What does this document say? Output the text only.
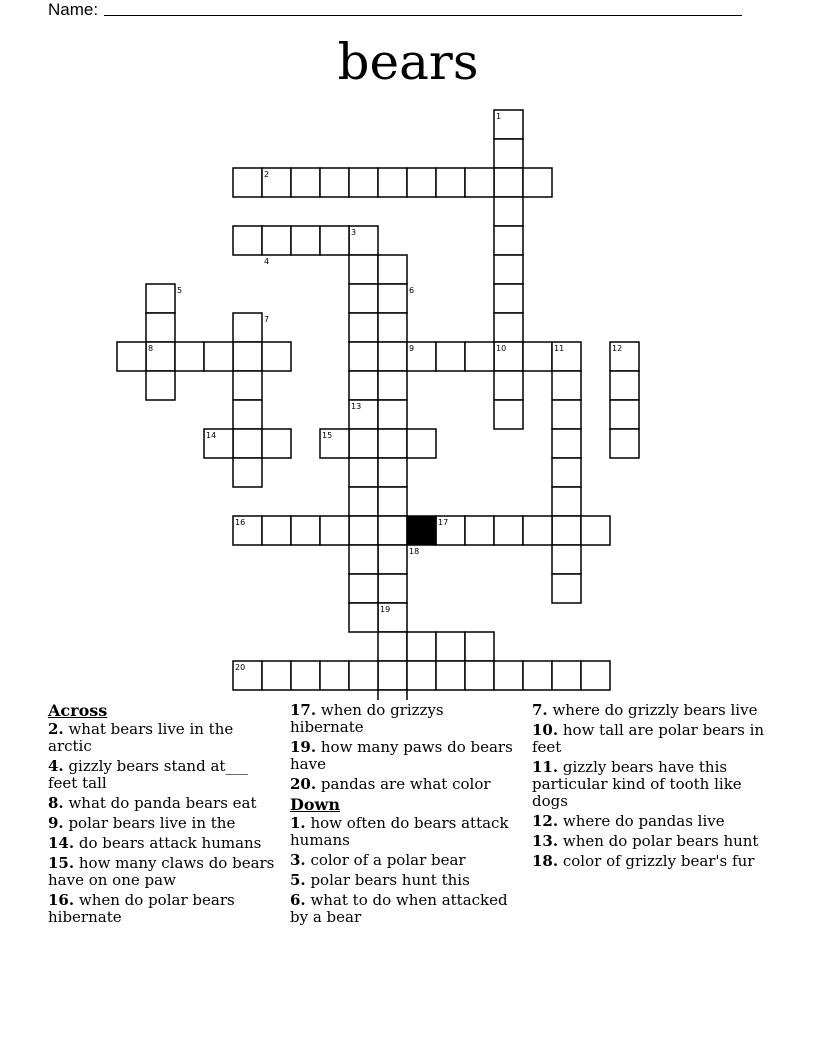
Name:
bears
1
2
3
4
5	6
7
8	9	10	11	12
13
14	15
16	17
18
19
20
Across
2. what bears live in the arctic
4. gizzly bears stand at___ feet tall
8. what do panda bears eat
9. polar bears live in the
14. do bears attack humans
15. how many claws do bears have on one paw
16. when do polar bears hibernate
17. when do grizzys hibernate
19. how many paws do bears have
20. pandas are what color
Down
1. how often do bears attack humans
3. color of a polar bear
5. polar bears hunt this
6. what to do when attacked by a bear
7. where do grizzly bears live
10. how tall are polar bears in feet
11. gizzly bears have this particular kind of tooth like dogs
12. where do pandas live
13. when do polar bears hunt
18. color of grizzly bear's fur
